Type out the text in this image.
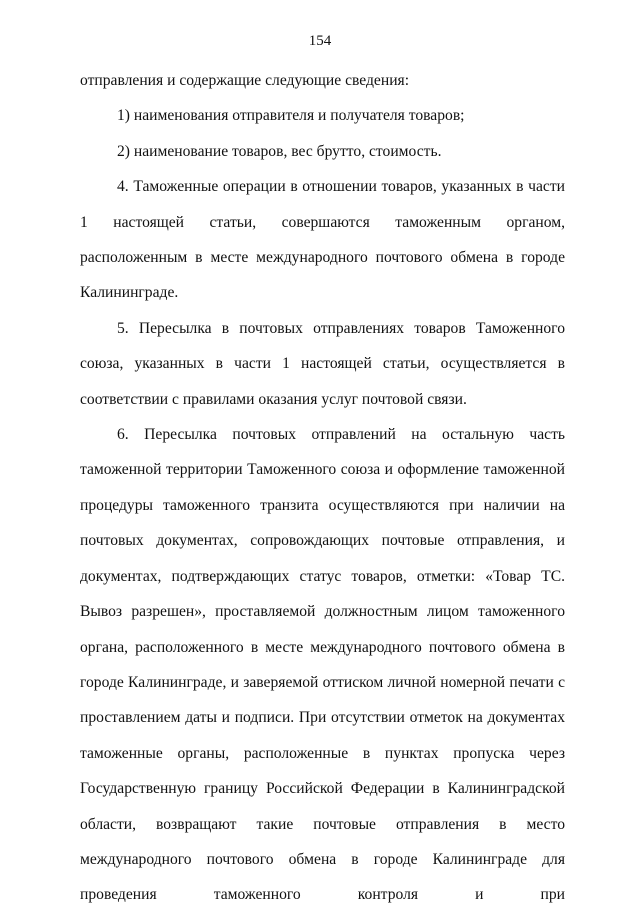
154

отправления и содержащие следующие сведения:

1) наименования отправителя и получателя товаров;

2) наименование товаров, вес брутто, стоимость.

4. Таможенные операции в отношении товаров, указанных в части 1 настоящей статьи, совершаются таможенным органом, расположенным в месте международного почтового обмена в городе Калининграде.

5. Пересылка в почтовых отправлениях товаров Таможенного союза, указанных в части 1 настоящей статьи, осуществляется в соответствии с правилами оказания услуг почтовой связи.

6. Пересылка почтовых отправлений на остальную часть таможенной территории Таможенного союза и оформление таможенной процедуры таможенного транзита осуществляются при наличии на почтовых документах, сопровождающих почтовые отправления, и документах, подтверждающих статус товаров, отметки: «Товар ТС. Вывоз разрешен», проставляемой должностным лицом таможенного органа, расположенного в месте международного почтового обмена в городе Калининграде, и заверяемой оттиском личной номерной печати с проставлением даты и подписи. При отсутствии отметок на документах таможенные органы, расположенные в пунктах пропуска через Государственную границу Российской Федерации в Калининградской области, возвращают такие почтовые отправления в место международного почтового обмена в городе Калининграде для проведения таможенного контроля и при
